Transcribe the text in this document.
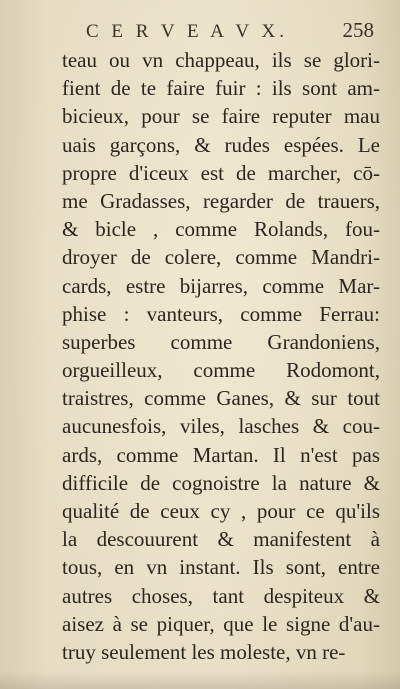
C E R V E A V X.	258
teau ou vn chappeau, ils se glori-
fient de te faire fuir : ils sont am-
bicieux, pour se faire reputer mau
uais garçons, & rudes espées. Le
propre d'iceux est de marcher, cō-
me Gradasses, regarder de trauers,
& bicle , comme Rolands, fou-
droyer de colere, comme Mandri-
cards, estre bijarres, comme Mar-
phise : vanteurs, comme Ferrau:
superbes comme Grandoniens,
orgueilleux, comme Rodomont,
traistres, comme Ganes, & sur tout
aucunesfois, viles, lasches & cou-
ards, comme Martan. Il n'est pas
difficile de cognoistre la nature &
qualité de ceux cy , pour ce qu'ils
la descouurent & manifestent à
tous, en vn instant. Ils sont, entre
autres choses, tant despiteux &
aisez à se piquer, que le signe d'au-
truy seulement les moleste, vn re-
